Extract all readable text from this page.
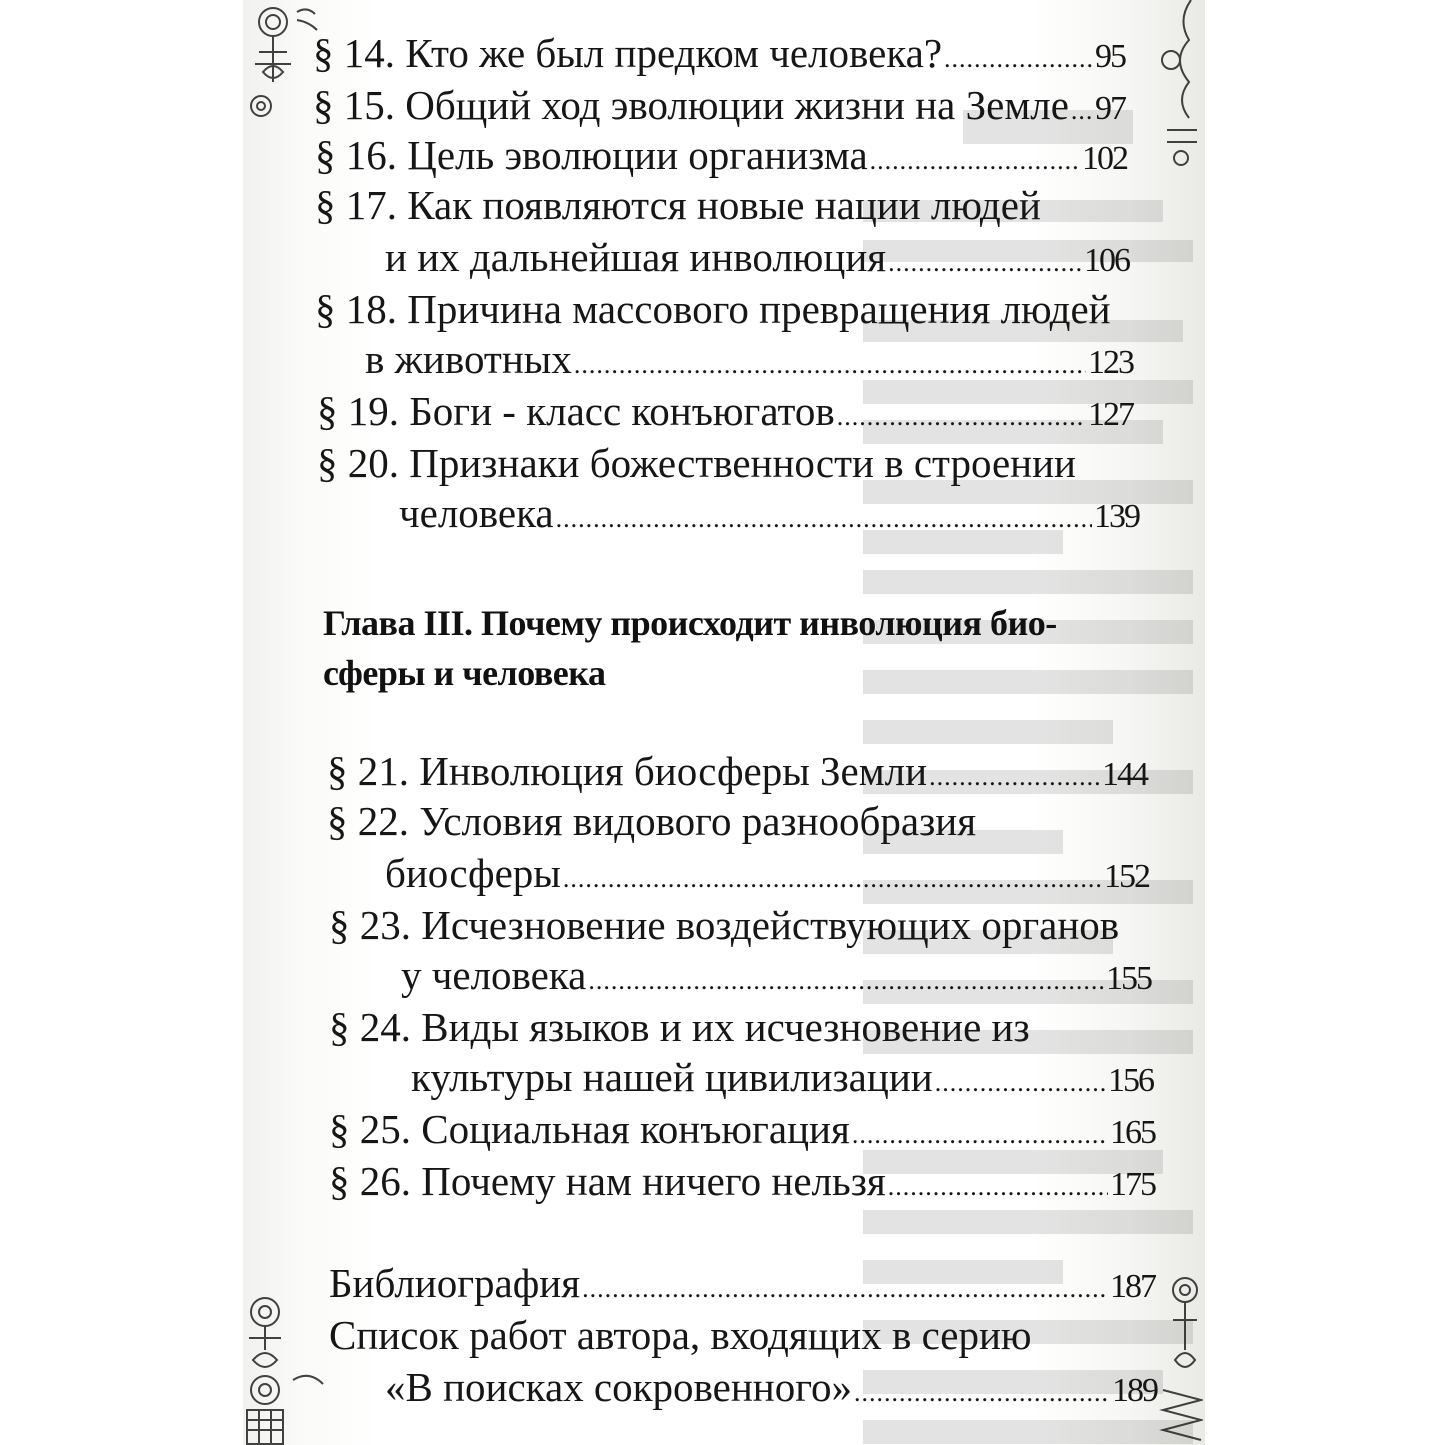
§ 14. Кто же был предком человека? .....	95
§ 15. Общий ход эволюции жизни на Земле ..... 97
§ 16. Цель эволюции организма .....	102
§ 17. Как появляются новые нации людей
и их дальнейшая инволюция .....	106
§ 18. Причина массового превращения людей
в животных .....	123
§ 19. Боги - класс конъюгатов .....	127
§ 20. Признаки божественности в строении
человека .....	139
Глава III. Почему происходит инволюция био-
сферы и человека
§ 21. Инволюция биосферы Земли .....	144
§ 22. Условия видового разнообразия
биосферы .....	152
§ 23. Исчезновение воздействующих органов
у человека .....	155
§ 24. Виды языков и их исчезновение из
культуры нашей цивилизации .....	156
§ 25. Социальная конъюгация .....	165
§ 26. Почему нам ничего нельзя .....	175
Библиография .....	187
Список работ автора, входящих в серию
«В поисках сокровенного» .....	189
